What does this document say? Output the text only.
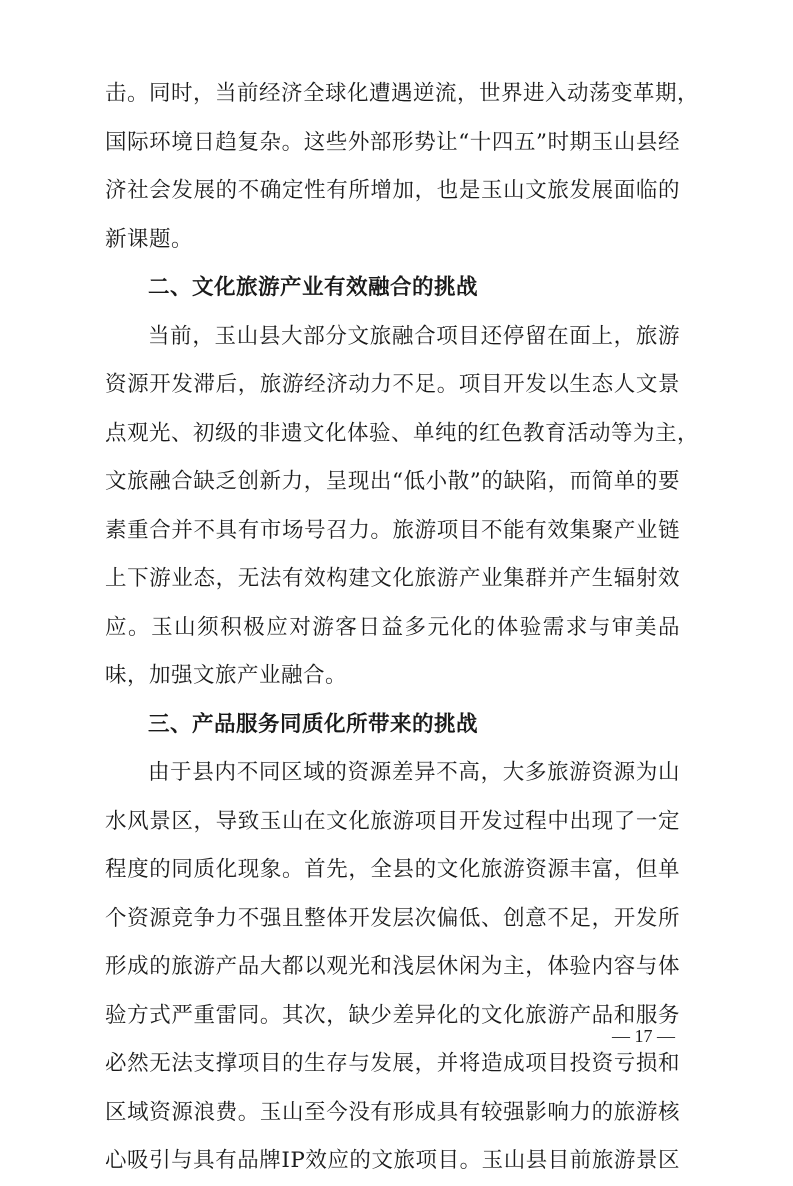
击。同时，当前经济全球化遭遇逆流，世界进入动荡变革期，
国际环境日趋复杂。这些外部形势让“十四五”时期玉山县经
济社会发展的不确定性有所增加，也是玉山文旅发展面临的
新课题。
二、文化旅游产业有效融合的挑战
当前，玉山县大部分文旅融合项目还停留在面上，旅游
资源开发滞后，旅游经济动力不足。项目开发以生态人文景
点观光、初级的非遗文化体验、单纯的红色教育活动等为主，
文旅融合缺乏创新力，呈现出“低小散”的缺陷，而简单的要
素重合并不具有市场号召力。旅游项目不能有效集聚产业链
上下游业态，无法有效构建文化旅游产业集群并产生辐射效
应。玉山须积极应对游客日益多元化的体验需求与审美品
味，加强文旅产业融合。
三、产品服务同质化所带来的挑战
由于县内不同区域的资源差异不高，大多旅游资源为山
水风景区，导致玉山在文化旅游项目开发过程中出现了一定
程度的同质化现象。首先，全县的文化旅游资源丰富，但单
个资源竞争力不强且整体开发层次偏低、创意不足，开发所
形成的旅游产品大都以观光和浅层休闲为主，体验内容与体
验方式严重雷同。其次，缺少差异化的文化旅游产品和服务
必然无法支撑项目的生存与发展，并将造成项目投资亏损和
区域资源浪费。玉山至今没有形成具有较强影响力的旅游核
心吸引与具有品牌IP效应的文旅项目。玉山县目前旅游景区
— 17 —
